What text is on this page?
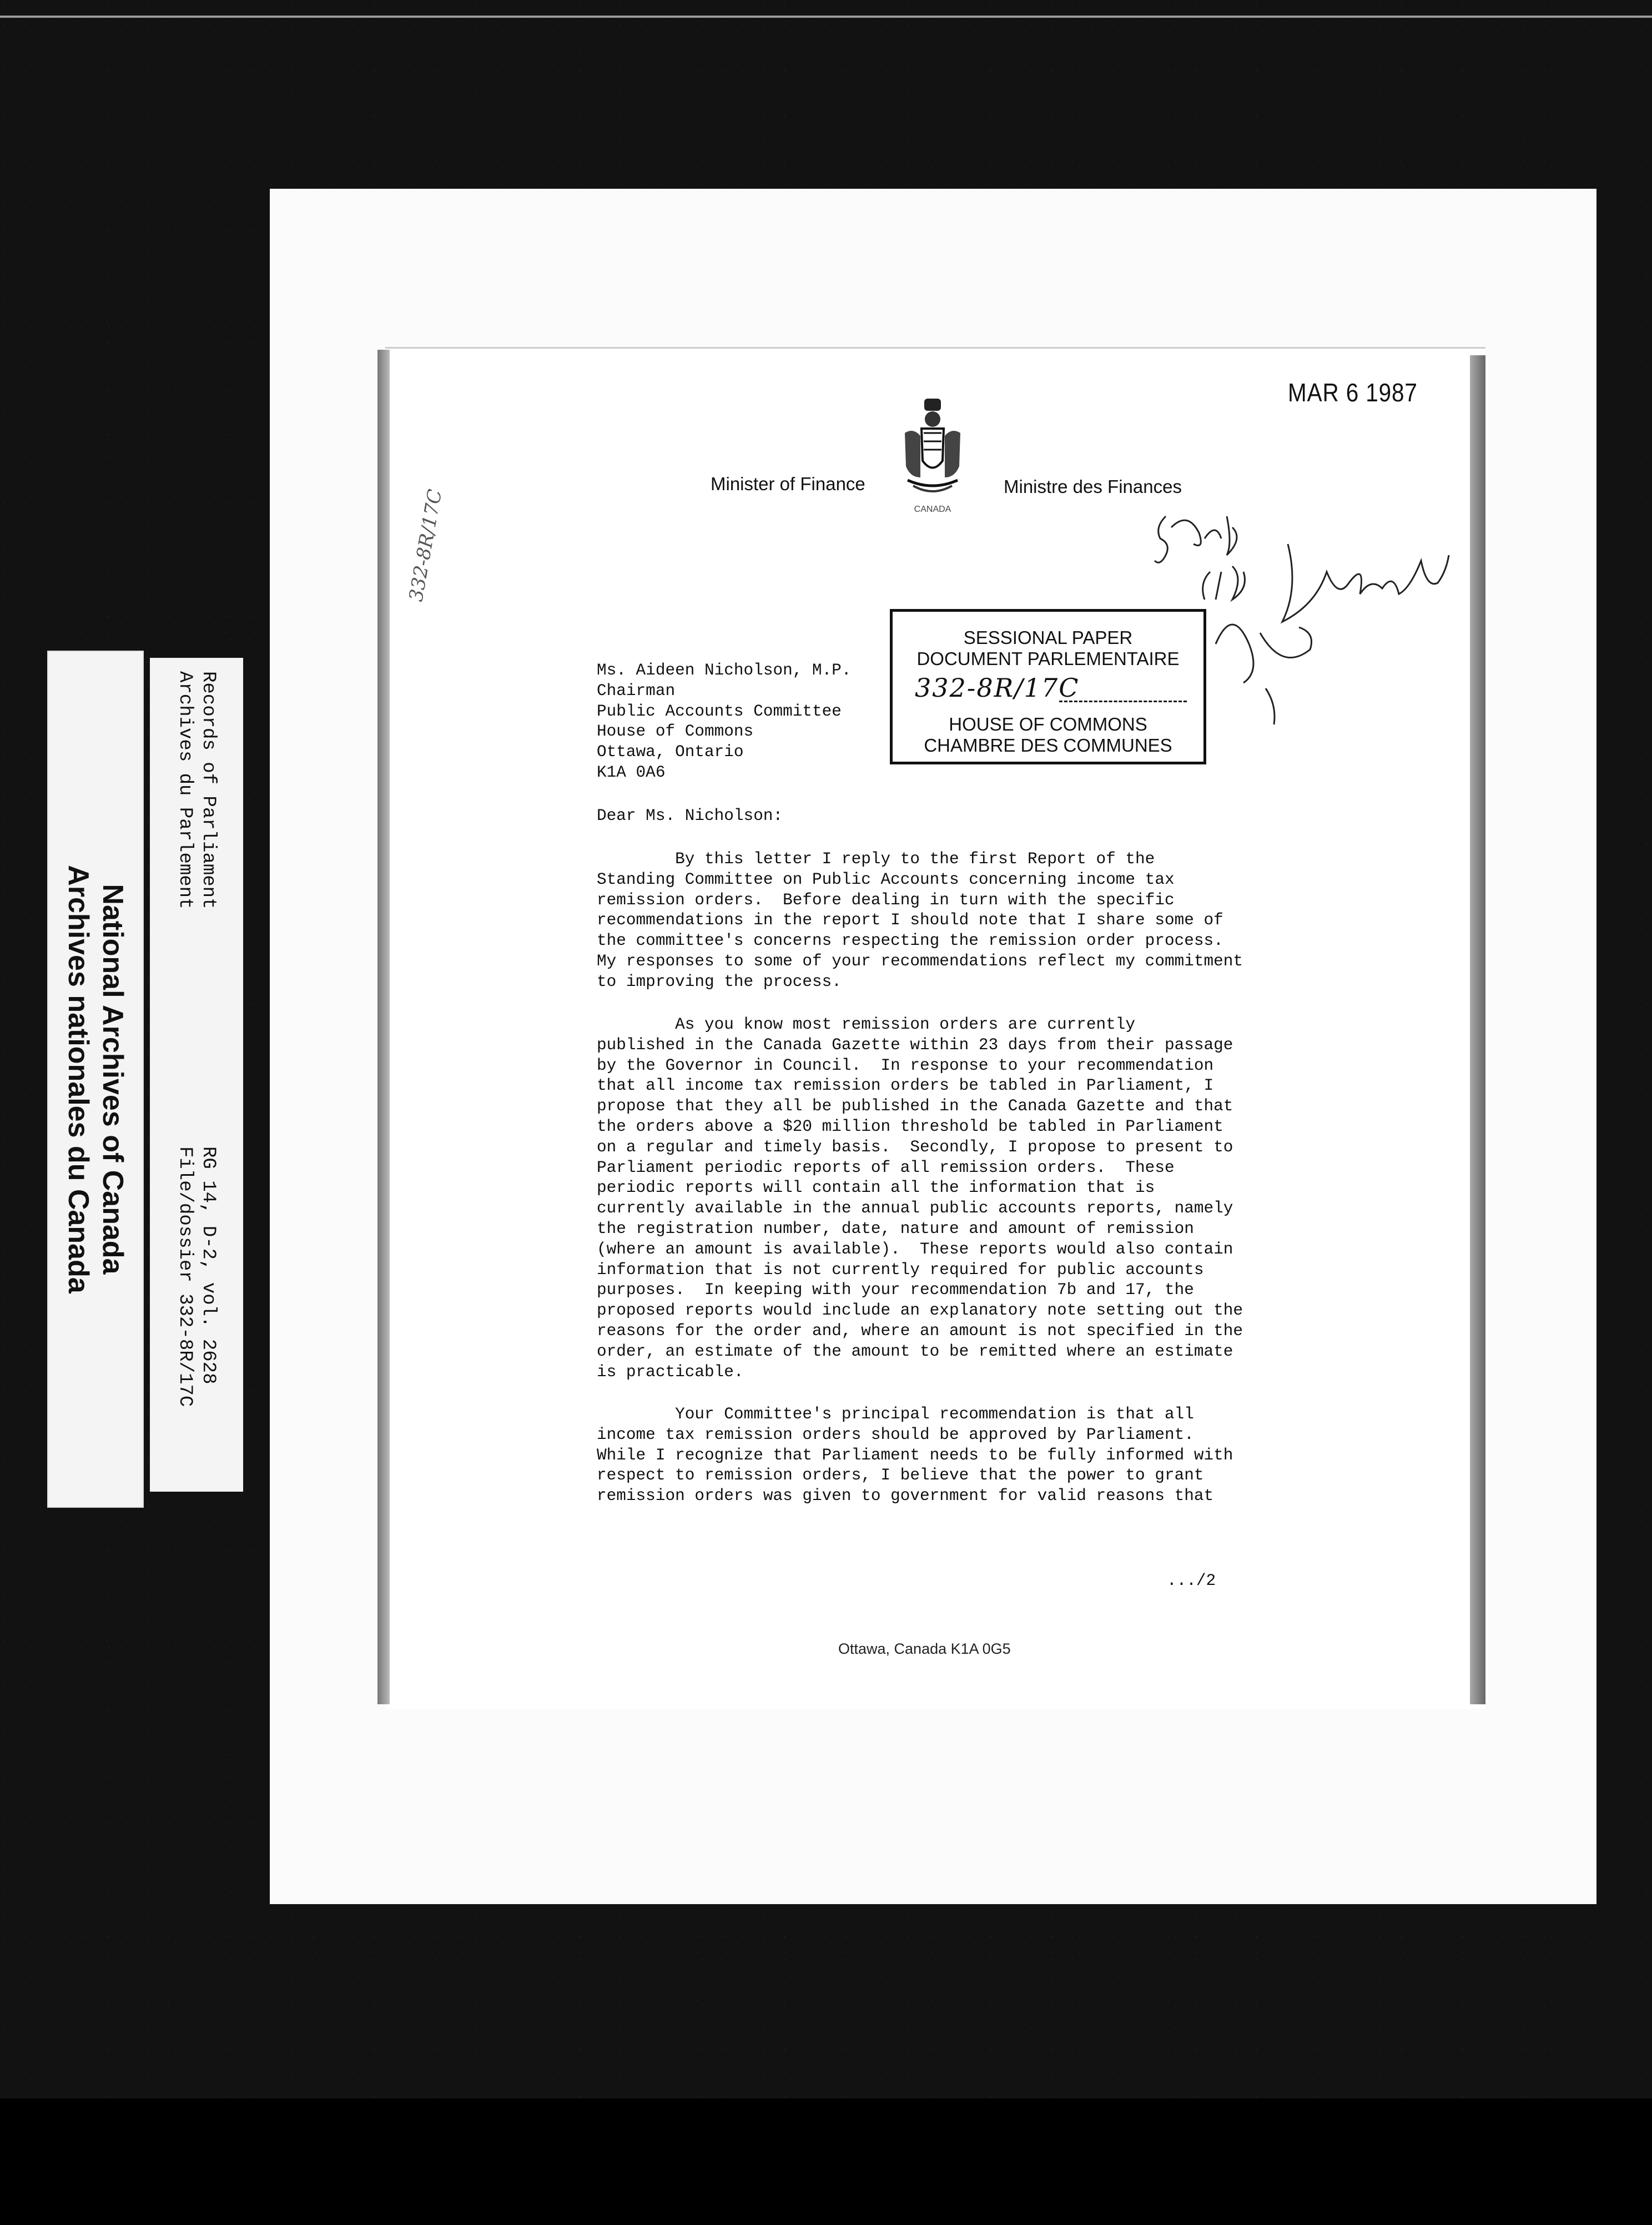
National Archives of Canada
Archives nationales du Canada
Records of Parliament
Archives du Parlement
RG 14, D-2, vol. 2628
File/dossier 332-8R/17C
MAR 6 1987
Minister of Finance	Ministre des Finances
CANADA
Ms. Aideen Nicholson, M.P.
Chairman
Public Accounts Committee
House of Commons
Ottawa, Ontario
K1A 0A6
Dear Ms. Nicholson:
By this letter I reply to the first Report of the
Standing Committee on Public Accounts concerning income tax
remission orders.  Before dealing in turn with the specific
recommendations in the report I should note that I share some of
the committee's concerns respecting the remission order process.
My responses to some of your recommendations reflect my commitment
to improving the process.
As you know most remission orders are currently
published in the Canada Gazette within 23 days from their passage
by the Governor in Council.  In response to your recommendation
that all income tax remission orders be tabled in Parliament, I
propose that they all be published in the Canada Gazette and that
the orders above a $20 million threshold be tabled in Parliament
on a regular and timely basis.  Secondly, I propose to present to
Parliament periodic reports of all remission orders.  These
periodic reports will contain all the information that is
currently available in the annual public accounts reports, namely
the registration number, date, nature and amount of remission
(where an amount is available).  These reports would also contain
information that is not currently required for public accounts
purposes.  In keeping with your recommendation 7b and 17, the
proposed reports would include an explanatory note setting out the
reasons for the order and, where an amount is not specified in the
order, an estimate of the amount to be remitted where an estimate
is practicable.
Your Committee's principal recommendation is that all
income tax remission orders should be approved by Parliament.
While I recognize that Parliament needs to be fully informed with
respect to remission orders, I believe that the power to grant
remission orders was given to government for valid reasons that
.../2
Ottawa, Canada K1A 0G5
SESSIONAL PAPER
DOCUMENT PARLEMENTAIRE
332-8R/17C
HOUSE OF COMMONS
CHAMBRE DES COMMUNES
332-8R/17C
